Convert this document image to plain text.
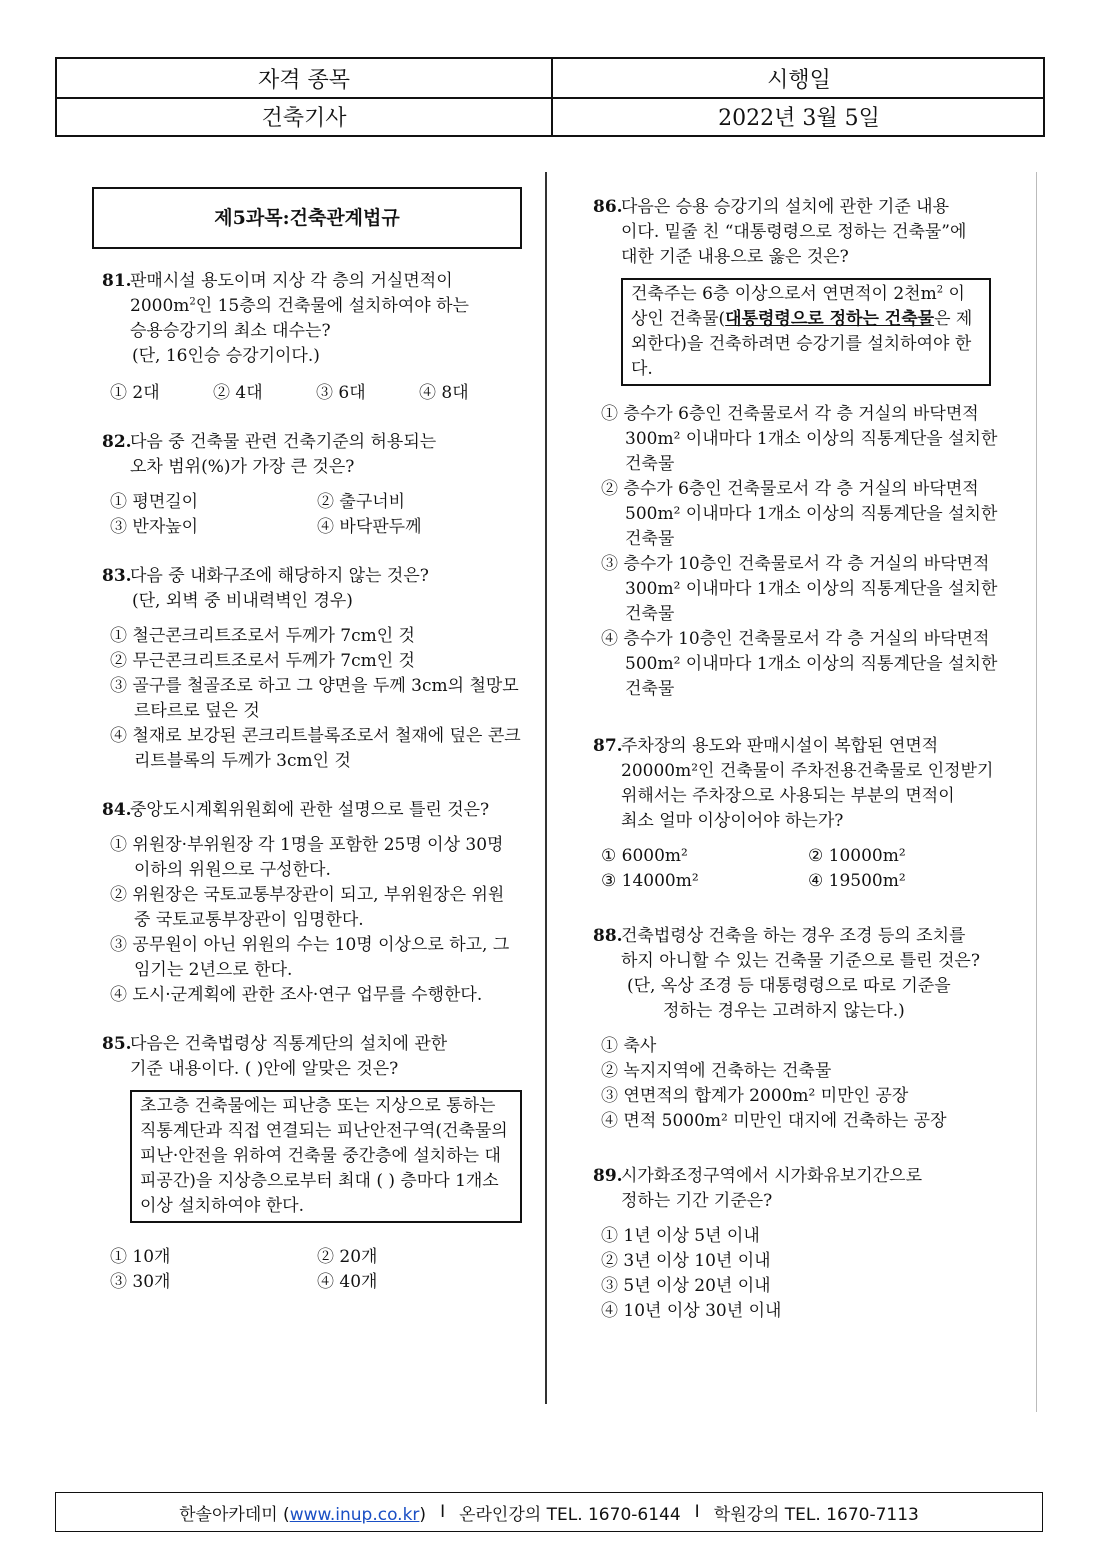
자격 종목	시행일
건축기사	2022년 3월 5일
제5과목:건축관계법규
81.

판매시설 용도이며 지상 각 층의 거실면적이
$2000m^2$인 15층의 건축물에 설치하여야 하는
승용승강기의 최소 대수는?

(단, 16인승 승강기이다.)

① 2대	② 4대	③ 6대	④ 8대
82.

다음 중 건축물 관련 건축기준의 허용되는
오차 범위(%)가 가장 큰 것은?

① 평면길이	② 출구너비
③ 반자높이	④ 바닥판두께
83.

다음 중 내화구조에 해당하지 않는 것은?

(단, 외벽 중 비내력벽인 경우)

① 철근콘크리트조로서 두께가 7cm인 것
② 무근콘크리트조로서 두께가 7cm인 것
③ 골구를 철골조로 하고 그 양면을 두께 3cm의 철망모르타르로 덮은 것
④ 철재로 보강된 콘크리트블록조로서 철재에 덮은 콘크리트블록의 두께가 3cm인 것
84.

중앙도시계획위원회에 관한 설명으로 틀린 것은?

① 위원장·부위원장 각 1명을 포함한 25명 이상 30명 이하의 위원으로 구성한다.
② 위원장은 국토교통부장관이 되고, 부위원장은 위원 중 국토교통부장관이 임명한다.
③ 공무원이 아닌 위원의 수는 10명 이상으로 하고, 그 임기는 2년으로 한다.
④ 도시·군계획에 관한 조사·연구 업무를 수행한다.
85.

다음은 건축법령상 직통계단의 설치에 관한
기준 내용이다. ( )안에 알맞은 것은?

초고층 건축물에는 피난층 또는 지상으로 통하는 직통계단과 직접 연결되는 피난안전구역(건축물의 피난·안전을 위하여 건축물 중간층에 설치하는 대피공간)을 지상층으로부터 최대 ( ) 층마다 1개소 이상 설치하여야 한다.
① 10개	② 20개
③ 30개	④ 40개
86.

다음은 승용 승강기의 설치에 관한 기준 내용
이다. 밑줄 친 “대통령령으로 정하는 건축물”에
대한 기준 내용으로 옳은 것은?

건축주는 6층 이상으로서 연면적이 2천$m^2$ 이상인 건축물(대통령령으로 정하는 건축물은 제외한다)을 건축하려면 승강기를 설치하여야 한다.
① 층수가 6층인 건축물로서 각 층 거실의 바닥면적 300m² 이내마다 1개소 이상의 직통계단을 설치한 건축물
② 층수가 6층인 건축물로서 각 층 거실의 바닥면적 500m² 이내마다 1개소 이상의 직통계단을 설치한 건축물
③ 층수가 10층인 건축물로서 각 층 거실의 바닥면적 300m² 이내마다 1개소 이상의 직통계단을 설치한 건축물
④ 층수가 10층인 건축물로서 각 층 거실의 바닥면적 500m² 이내마다 1개소 이상의 직통계단을 설치한 건축물
87.

주차장의 용도와 판매시설이 복합된 연면적
20000m²인 건축물이 주차전용건축물로 인정받기
위해서는 주차장으로 사용되는 부분의 면적이
최소 얼마 이상이어야 하는가?

① 6000m²	② 10000m²
③ 14000m²	④ 19500m²
88.

건축법령상 건축을 하는 경우 조경 등의 조치를
하지 아니할 수 있는 건축물 기준으로 틀린 것은?

(단, 옥상 조경 등 대통령령으로 따로 기준을
정하는 경우는 고려하지 않는다.)

① 축사
② 녹지지역에 건축하는 건축물
③ 연면적의 합계가 2000m² 미만인 공장
④ 면적 5000m² 미만인 대지에 건축하는 공장
89.

시가화조정구역에서 시가화유보기간으로
정하는 기간 기준은?

① 1년 이상 5년 이내
② 3년 이상 10년 이내
③ 5년 이상 20년 이내
④ 10년 이상 30년 이내
한솔아카데미 (www.inup.co.kr) I 온라인강의 TEL. 1670-6144 I 학원강의 TEL. 1670-7113
